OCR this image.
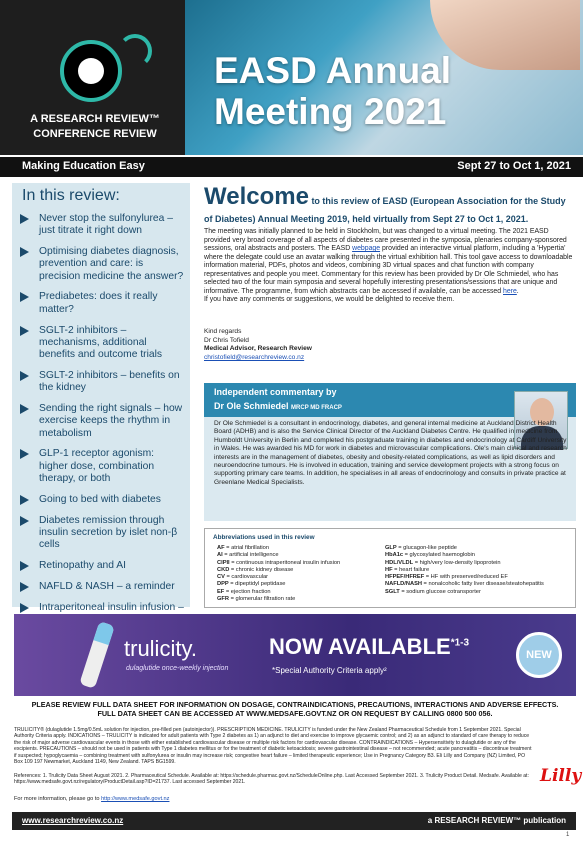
A RESEARCH REVIEW™
CONFERENCE REVIEW
EASD Annual Meeting 2021
Making Education Easy	Sept 27 to Oct 1, 2021
In this review:
Never stop the sulfonylurea – just titrate it right down
Optimising diabetes diagnosis, prevention and care: is precision medicine the answer?
Prediabetes: does it really matter?
SGLT-2 inhibitors – mechanisms, additional benefits and outcome trials
SGLT-2 inhibitors – benefits on the kidney
Sending the right signals – how exercise keeps the rhythm in metabolism
GLP-1 receptor agonism: higher dose, combination therapy, or both
Going to bed with diabetes
Diabetes remission through insulin secretion by islet non-β cells
Retinopathy and AI
NAFLD & NASH – a reminder
Intraperitoneal insulin infusion –
Welcome to this review of EASD (European Association for the Study of Diabetes) Annual Meeting 2019, held virtually from Sept 27 to Oct 1, 2021.

The meeting was initially planned to be held in Stockholm, but was changed to a virtual meeting. The 2021 EASD provided very broad coverage of all aspects of diabetes care presented in the symposia, plenaries company-sponsored sessions, oral abstracts and posters. The EASD webpage provided an interactive virtual platform, including a 'Hypertia' where the delegate could use an avatar walking through the virtual exhibition hall. This tool gave access to downloadable information material, PDFs, photos and videos, combining 3D virtual spaces and chat function with company representatives and people you meet. Commentary for this review has been provided by Dr Ole Schmiedel, who has selected two of the four main symposia and several hopefully interesting presentations/sessions that are unique and informative. The programme, from which abstracts can be accessed if available, can be accessed here.

If you have any comments or suggestions, we would be delighted to receive them.

Kind regards
Dr Chris Tofield
Medical Advisor, Research Review
christofield@researchreview.co.nz
Independent commentary by
Dr Ole Schmiedel MRCP MD FRACP
Dr Ole Schmiedel is a consultant in endocrinology, diabetes, and general internal medicine at Auckland District Health Board (ADHB) and is also the Service Clinical Director of the Auckland Diabetes Centre. He qualified in medicine from Humboldt University in Berlin and completed his postgraduate training in diabetes and endocrinology at Cardiff University in Wales. He was awarded his MD for work in diabetes and microvascular complications. Ole's main clinical and research interests are in the management of diabetes, obesity and obesity-related complications, as well as lipid disorders and neuroendocrine tumours. He is involved in education, training and service development projects with a strong focus on supporting primary care teams. In addition, he specialises in all areas of endocrinology and consults in private practice at Greenlane Medical Specialists.
Abbreviations used in this review
AF = atrial fibrillation
AI = artificial intelligence
CIPII = continuous intraperitoneal insulin infusion
CKD = chronic kidney disease
CV = cardiovascular
DPP = dipeptidyl peptidase
EF = ejection fraction
GFR = glomerular filtration rate
GLP = glucagon-like peptide
HbA1c = glycosylated haemoglobin
HDL/VLDL = high/very low-density lipoprotein
HF = heart failure
HFPEF/HFREF = HF with preserved/reduced EF
NAFLD/NASH = nonalcoholic fatty liver disease/steatohepatitis
SGLT = sodium glucose cotransporter
trulicity.
dulaglutide once-weekly injection
NOW AVAILABLE$^{*1-3}$
*Special Authority Criteria apply²
NEW
PLEASE REVIEW FULL DATA SHEET FOR INFORMATION ON DOSAGE, CONTRAINDICATIONS, PRECAUTIONS, INTERACTIONS AND ADVERSE EFFECTS.
FULL DATA SHEET CAN BE ACCESSED AT WWW.MEDSAFE.GOVT.NZ OR ON REQUEST BY CALLING 0800 500 056.
TRULICITY® (dulaglutide 1.5mg/0.5mL solution for injection, pre-filled pen (autoinjector)). PRESCRIPTION MEDICINE. TRULICITY is funded under the New Zealand Pharmaceutical Schedule from 1 September 2021. Special Authority Criteria apply. INDICATIONS – TRULICITY is indicated for adult patients with Type 2 diabetes as 1) an adjunct to diet and exercise to improve glycaemic control; and 2) as an adjunct to standard of care therapy to reduce the risk of major adverse cardiovascular events in those with either established cardiovascular disease or multiple risk factors for cardiovascular disease. CONTRAINDICATIONS – Hypersensitivity to dulaglutide or any of the excipients. PRECAUTIONS – should not be used in patients with Type 1 diabetes mellitus or for the treatment of diabetic ketoacidosis; severe gastrointestinal disease – not recommended; acute pancreatitis – discontinue treatment if suspected; hypoglycaemia – combining treatment with sulfonylurea or insulin may increase risk; congestive heart failure – limited therapeutic experience; Use in Pregnancy Category B3. Eli Lilly and Company (NZ) Limited, PO Box 109 197 Newmarket, Auckland 1149, New Zealand. TAPS BG1599.
References: 1. Trulicity Data Sheet August 2021. 2. Pharmaceutical Schedule. Available at: https://schedule.pharmac.govt.nz/ScheduleOnline.php. Last Accessed September 2021. 3. Trulicity Product Detail. Medsafe. Available at: https://www.medsafe.govt.nz/regulatory/ProductDetail.asp?ID=21737. Last accessed September 2021.
For more information, please go to http://www.medsafe.govt.nz
Lilly
www.researchreview.co.nz	a RESEARCH REVIEW™ publication
1
